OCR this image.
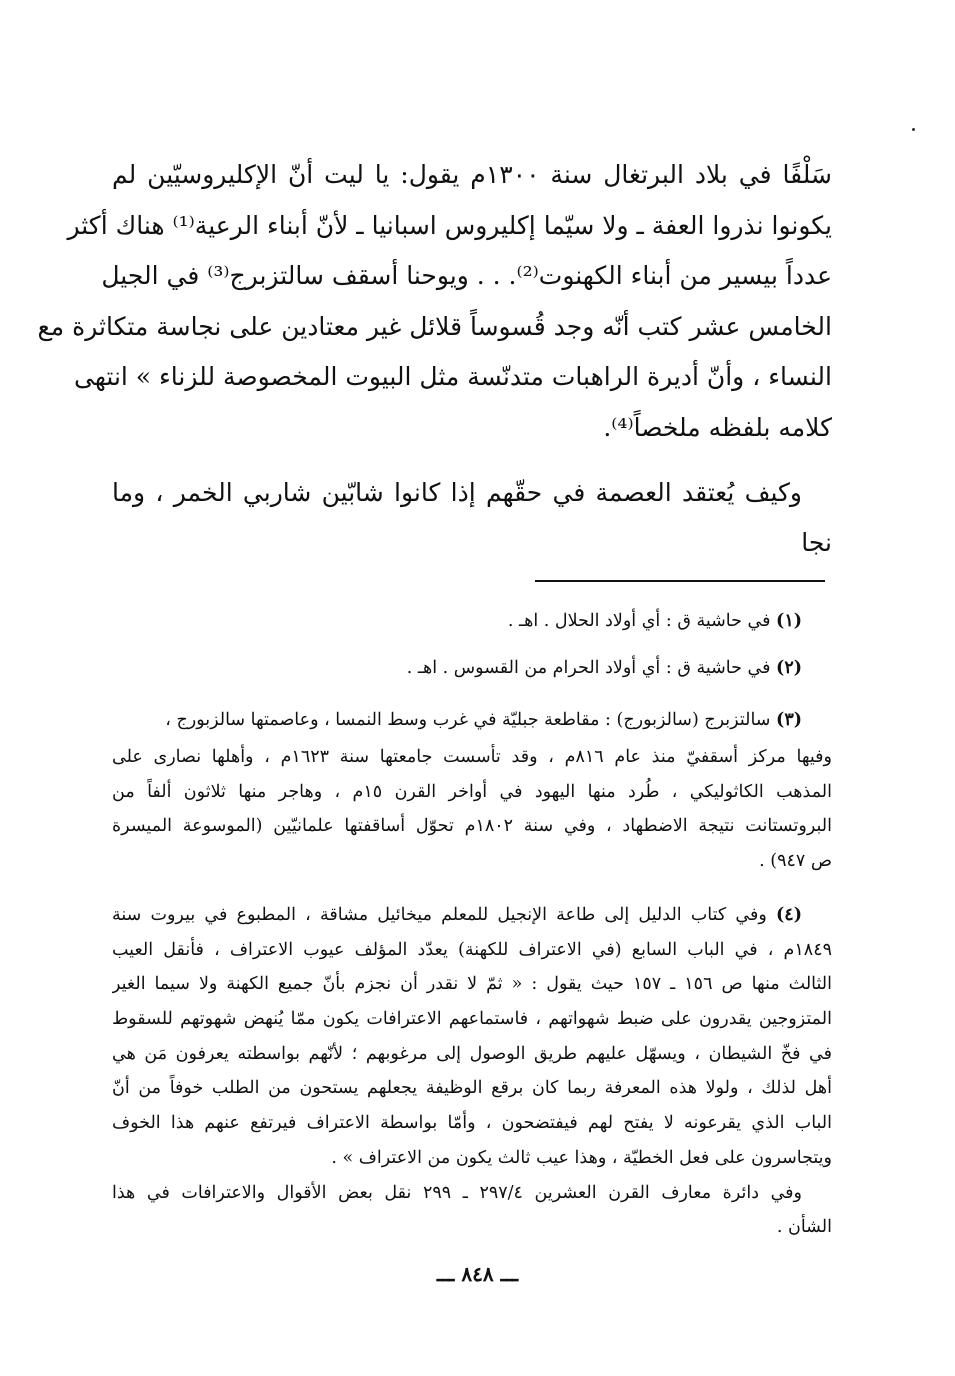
سَلْفًا في بلاد البرتغال سنة ١٣٠٠م يقول: يا ليت أنّ الإكليروسيّين لم
يكونوا نذروا العفة ـ ولا سيّما إكليروس اسبانيا ـ لأنّ أبناء الرعية⁽¹⁾ هناك أكثر
عدداً بيسير من أبناء الكهنوت⁽²⁾. . . ويوحنا أسقف سالتزبرج⁽³⁾ في الجيل
الخامس عشر كتب أنّه وجد قُسوساً قلائل غير معتادين على نجاسة متكاثرة مع
النساء ، وأنّ أديرة الراهبات متدنّسة مثل البيوت المخصوصة للزناء » انتهى
كلامه بلفظه ملخصاً⁽⁴⁾.
وكيف يُعتقد العصمة في حقّهم إذا كانوا شابّين شاربي الخمر ، وما نجا
(١) في حاشية ق : أي أولاد الحلال . اهـ .
(٢) في حاشية ق : أي أولاد الحرام من القسوس . اهـ .
(٣) سالتزبرج (سالزبورج) : مقاطعة جبليّة في غرب وسط النمسا ، وعاصمتها سالزبورج ،
وفيها مركز أسقفيّ منذ عام ٨١٦م ، وقد تأسست جامعتها سنة ١٦٢٣م ، وأهلها نصارى على
المذهب الكاثوليكي ، طُرد منها اليهود في أواخر القرن ١٥م ، وهاجر منها ثلاثون ألفاً من
البروتستانت نتيجة الاضطهاد ، وفي سنة ١٨٠٢م تحوّل أساقفتها علمانيّين (الموسوعة الميسرة
ص ٩٤٧) .
(٤) وفي كتاب الدليل إلى طاعة الإنجيل للمعلم ميخائيل مشاقة ، المطبوع في بيروت سنة
١٨٤٩م ، في الباب السابع (في الاعتراف للكهنة) يعدّد المؤلف عيوب الاعتراف ، فأنقل العيب
الثالث منها ص ١٥٦ ـ ١٥٧ حيث يقول : « ثمّ لا نقدر أن نجزم بأنّ جميع الكهنة ولا سيما الغير
المتزوجين يقدرون على ضبط شهواتهم ، فاستماعهم الاعترافات يكون ممّا يُنهض شهوتهم للسقوط
في فخّ الشيطان ، ويسهّل عليهم طريق الوصول إلى مرغوبهم ؛ لأنّهم بواسطته يعرفون مَن هي
أهل لذلك ، ولولا هذه المعرفة ربما كان برقع الوظيفة يجعلهم يستحون من الطلب خوفاً من أنّ
الباب الذي يقرعونه لا يفتح لهم فيفتضحون ، وأمّا بواسطة الاعتراف فيرتفع عنهم هذا الخوف
ويتجاسرون على فعل الخطيّة ، وهذا عيب ثالث يكون من الاعتراف » .
وفي دائرة معارف القرن العشرين ٢٩٧/٤ ـ ٢٩٩ نقل بعض الأقوال والاعترافات في هذا
الشأن .
ـــ ٨٤٨ ـــ
